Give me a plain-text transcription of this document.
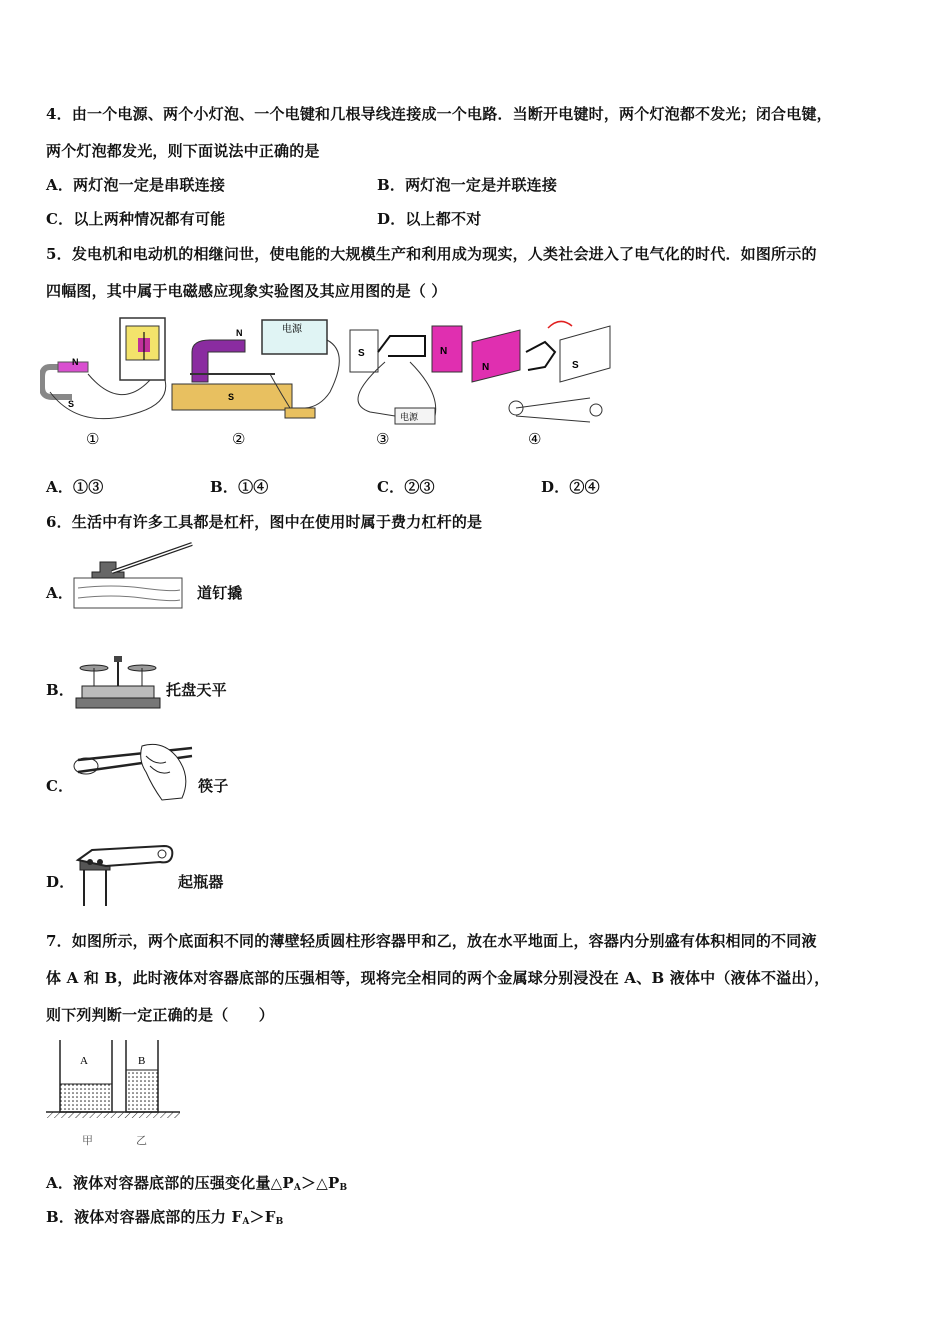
4．由一个电源、两个小灯泡、一个电键和几根导线连接成一个电路．当断开电键时，两个灯泡都不发光；闭合电键，
两个灯泡都发光，则下面说法中正确的是
A．两灯泡一定是串联连接	B．两灯泡一定是并联连接
C．以上两种情况都有可能	D．以上都不对
5．发电机和电动机的相继问世，使电能的大规模生产和利用成为现实，人类社会进入了电气化的时代．如图所示的
四幅图，其中属于电磁感应现象实验图及其应用图的是（ ）
N
S
N
S
电源
S	N
电源
N	S
①	②	③	④
A．①③	B．①④	C．②③	D．②④
6．生活中有许多工具都是杠杆，图中在使用时属于费力杠杆的是
A．	道钉撬
B．	托盘天平
C．	筷子
D．	起瓶器
7．如图所示，两个底面积不同的薄壁轻质圆柱形容器甲和乙，放在水平地面上，容器内分别盛有体积相同的不同液
体 A 和 B，此时液体对容器底部的压强相等，现将完全相同的两个金属球分别浸没在 A、B 液体中（液体不溢出），
则下列判断一定正确的是（　　）
A	B
甲	乙
A．液体对容器底部的压强变化量$\triangle P_A>\triangle P_B$
B．液体对容器底部的压力 $F_A>F_B$
